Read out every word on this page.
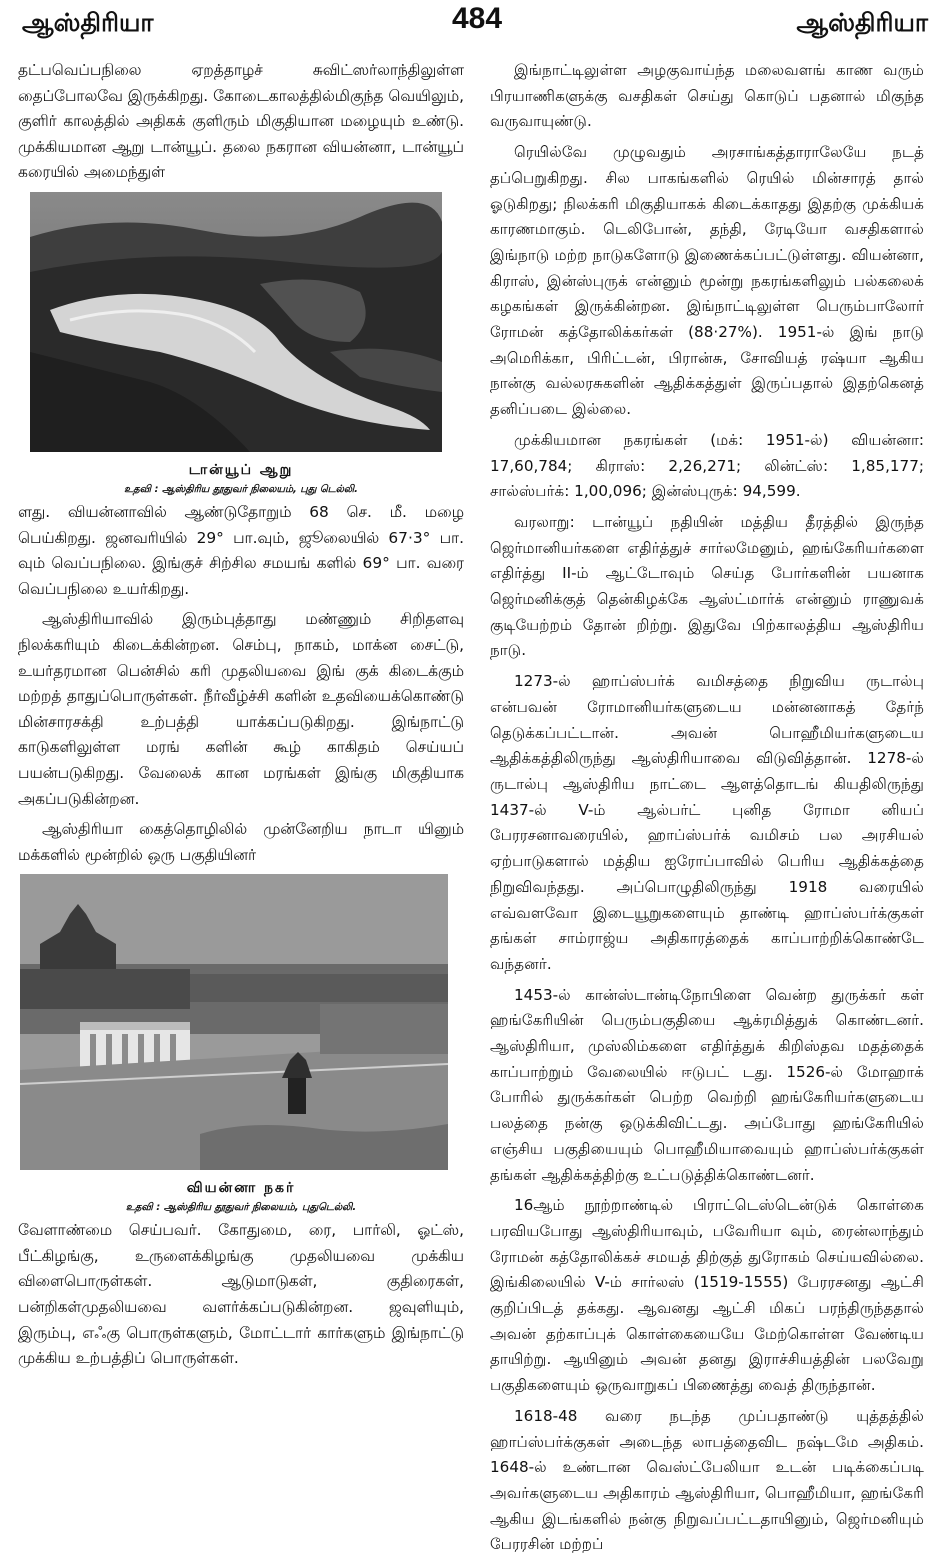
ஆஸ்திரியா	484	ஆஸ்திரியா

தட்பவெப்பநிலை ஏறத்தாழச் சுவிட்ஸர்லாந்திலுள்ள தைப்போலவே இருக்கிறது. கோடைகாலத்தில்மிகுந்த வெயிலும், குளிர் காலத்தில் அதிகக் குளிரும் மிகுதியான மழையும் உண்டு. முக்கியமான ஆறு டான்யூப். தலை நகரான வியன்னா, டான்யூப் கரையில் அமைந்துள்

டான்யூப் ஆறு
உதவி : ஆஸ்திரிய தூதுவர் நிலையம், புது டெல்லி.

ளது. வியன்னாவில் ஆண்டுதோறும் 68 செ. மீ. மழை பெய்கிறது. ஜனவரியில் 29° பா.வும், ஜூலையில் 67·3° பா. வும் வெப்பநிலை. இங்குச் சிற்சில சமயங் களில் 69° பா. வரை வெப்பநிலை உயர்கிறது.

ஆஸ்திரியாவில் இரும்புத்தாது மண்ணும் சிறிதளவு நிலக்கரியும் கிடைக்கின்றன. செம்பு, நாகம், மாக்ன சைட்டு, உயர்தரமான பென்சில் கரி முதலியவை இங் குக் கிடைக்கும் மற்றத் தாதுப்பொருள்கள். நீர்வீழ்ச்சி களின் உதவியைக்கொண்டு மின்சாரசக்தி உற்பத்தி யாக்கப்படுகிறது. இங்நாட்டு காடுகளிலுள்ள மரங் களின் கூழ் காகிதம் செய்யப் பயன்படுகிறது. வேலைக் கான மரங்கள் இங்கு மிகுதியாக அகப்படுகின்றன.

ஆஸ்திரியா கைத்தொழிலில் முன்னேறிய நாடா யினும் மக்களில் மூன்றில் ஒரு பகுதியினர்

வியன்னா நகர்
உதவி : ஆஸ்திரிய தூதுவர் நிலையம், புதுடெல்லி.

வேளாண்மை செய்பவர். கோதுமை, ரை, பார்லி, ஓட்ஸ், பீட்கிழங்கு, உருளைக்கிழங்கு முதலியவை முக்கிய விளைபொருள்கள். ஆடுமாடுகள், குதிரைகள், பன்றிகள்முதலியவை வளர்க்கப்படுகின்றன. ஜவுளியும், இரும்பு, எஃகு பொருள்களும், மோட்டார் கார்களும் இங்நாட்டு முக்கிய உற்பத்திப் பொருள்கள்.

இங்நாட்டிலுள்ள அழகுவாய்ந்த மலைவளங் காண வரும் பிரயாணிகளுக்கு வசதிகள் செய்து கொடுப் பதனால் மிகுந்த வருவாயுண்டு.

ரெயில்வே முழுவதும் அரசாங்கத்தாராலேயே நடத் தப்பெறுகிறது. சில பாகங்களில் ரெயில் மின்சாரத் தால் ஓடுகிறது; நிலக்கரி மிகுதியாகக் கிடைக்காதது இதற்கு முக்கியக் காரணமாகும். டெலிபோன், தந்தி, ரேடியோ வசதிகளால் இங்நாடு மற்ற நாடுகளோடு இணைக்கப்பட்டுள்ளது. வியன்னா, கிராஸ், இன்ஸ்புருக் என்னும் மூன்று நகரங்களிலும் பல்கலைக் கழகங்கள் இருக்கின்றன. இங்நாட்டிலுள்ள பெரும்பாலோர் ரோமன் கத்தோலிக்கர்கள் (88·27%). 1951-ல் இங் நாடு அமெரிக்கா, பிரிட்டன், பிரான்சு, சோவியத் ரஷ்யா ஆகிய நான்கு வல்லரசுகளின் ஆதிக்கத்துள் இருப்பதால் இதற்கெனத் தனிப்படை இல்லை.

முக்கியமான நகரங்கள் (மக்: 1951-ல்) வியன்னா: 17,60,784; கிராஸ்: 2,26,271; லின்ட்ஸ்: 1,85,177; சால்ஸ்பர்க்: 1,00,096; இன்ஸ்புருக்: 94,599.

வரலாறு: டான்யூப் நதியின் மத்திய தீரத்தில் இருந்த ஜெர்மானியர்களை எதிர்த்துச் சார்லமேனும், ஹங்கேரியர்களை எதிர்த்து II-ம் ஆட்டோவும் செய்த போர்களின் பயனாக ஜெர்மனிக்குத் தென்கிழக்கே ஆஸ்ட்மார்க் என்னும் ராணுவக் குடியேற்றம் தோன் றிற்று. இதுவே பிற்காலத்திய ஆஸ்திரிய நாடு.

1273-ல் ஹாப்ஸ்பர்க் வமிசத்தை நிறுவிய ருடால்பு என்பவன் ரோமானியர்களுடைய மன்னனாகத் தேர்ந் தெடுக்கப்பட்டான். அவன் பொஹீமியர்களுடைய ஆதிக்கத்திலிருந்து ஆஸ்திரியாவை விடுவித்தான். 1278-ல் ருடால்பு ஆஸ்திரிய நாட்டை ஆளத்தொடங் கியதிலிருந்து 1437-ல் V-ம் ஆல்பர்ட் புனித ரோமா னியப் பேரரசனாவரையில், ஹாப்ஸ்பர்க் வமிசம் பல அரசியல் ஏற்பாடுகளால் மத்திய ஐரோப்பாவில் பெரிய ஆதிக்கத்தை நிறுவிவந்தது. அப்பொழுதிலிருந்து 1918 வரையில் எவ்வளவோ இடையூறுகளையும் தாண்டி ஹாப்ஸ்பர்க்குகள் தங்கள் சாம்ராஜ்ய அதிகாரத்தைக் காப்பாற்றிக்கொண்டே வந்தனர்.

1453-ல் கான்ஸ்டான்டிநோபிளை வென்ற துருக்கர் கள் ஹங்கேரியின் பெரும்பகுதியை ஆக்ரமித்துக் கொண்டனர். ஆஸ்திரியா, முஸ்லிம்களை எதிர்த்துக் கிறிஸ்தவ மதத்தைக் காப்பாற்றும் வேலையில் ஈடுபட் டது. 1526-ல் மோஹாக் போரில் துருக்கர்கள் பெற்ற வெற்றி ஹங்கேரியர்களுடைய பலத்தை நன்கு ஒடுக்கிவிட்டது. அப்போது ஹங்கேரியில் எஞ்சிய பகுதியையும் பொஹீமியாவையும் ஹாப்ஸ்பர்க்குகள் தங்கள் ஆதிக்கத்திற்கு உட்படுத்திக்கொண்டனர்.

16ஆம் நூற்றாண்டில் பிராட்டெஸ்டென்டுக் கொள்கை பரவியபோது ஆஸ்திரியாவும், பவேரியா வும், ரைன்லாந்தும் ரோமன் கத்தோலிக்கச் சமயத் திற்குத் துரோகம் செய்யவில்லை. இங்கிலையில் V-ம் சார்லஸ் (1519-1555) பேரரசனது ஆட்சி குறிப்பிடத் தக்கது. ஆவனது ஆட்சி மிகப் பரந்திருந்ததால் அவன் தற்காப்புக் கொள்கையையே மேற்கொள்ள வேண்டிய தாயிற்று. ஆயினும் அவன் தனது இராச்சியத்தின் பலவேறு பகுதிகளையும் ஒருவாறுகப் பிணைத்து வைத் திருந்தான்.

1618-48 வரை நடந்த முப்பதாண்டு யுத்தத்தில் ஹாப்ஸ்பர்க்குகள் அடைந்த லாபத்தைவிட நஷ்டமே அதிகம். 1648-ல் உண்டான வெஸ்ட்பேலியா உடன் படிக்கைப்படி அவர்களுடைய அதிகாரம் ஆஸ்திரியா, பொஹீமியா, ஹங்கேரி ஆகிய இடங்களில் நன்கு நிறுவப்பட்டதாயினும், ஜெர்மனியும் பேரரசின் மற்றப்
